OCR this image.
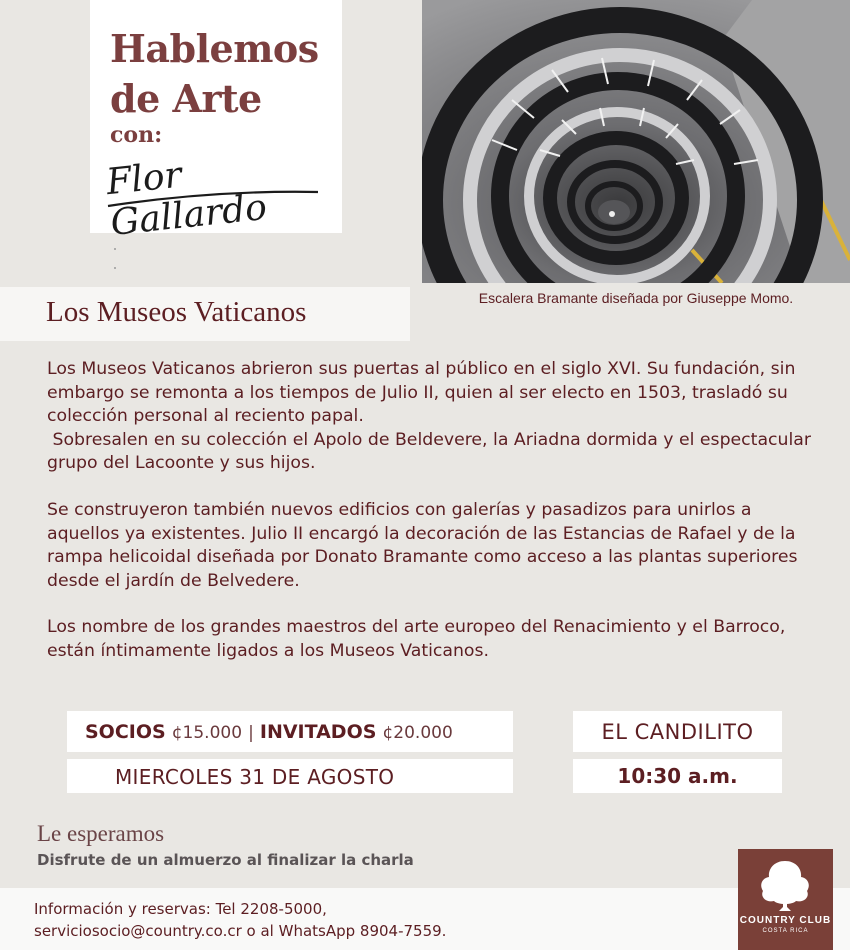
Hablemos
de Arte
con:
Flor Gallardo
Escalera Bramante diseñada por Giuseppe Momo.
Los Museos Vaticanos

Los Museos Vaticanos abrieron sus puertas al público en el siglo XVI. Su fundación, sin embargo se remonta a los tiempos de Julio II, quien al ser electo en 1503, trasladó su colección personal al reciento papal.
Sobresalen en su colección el Apolo de Beldevere, la Ariadna dormida y el espectacular grupo del Lacoonte y sus hijos.

Se construyeron también nuevos edificios con galerías y pasadizos para unirlos a aquellos ya existentes. Julio II encargó la decoración de las Estancias de Rafael y de la rampa helicoidal diseñada por Donato Bramante como acceso a las plantas superiores desde el jardín de Belvedere.

Los nombre de los grandes maestros del arte europeo del Renacimiento y el Barroco, están íntimamente ligados a los Museos Vaticanos.

SOCIOS ¢15.000 | INVITADOS ¢20.000
MIERCOLES 31 DE AGOSTO
EL CANDILITO
10:30 a.m.
Le esperamos
Disfrute de un almuerzo al finalizar la charla
Información y reservas: Tel 2208-5000,
serviciosocio@country.co.cr o al WhatsApp 8904-7559.
COUNTRY CLUB
COSTA RICA
